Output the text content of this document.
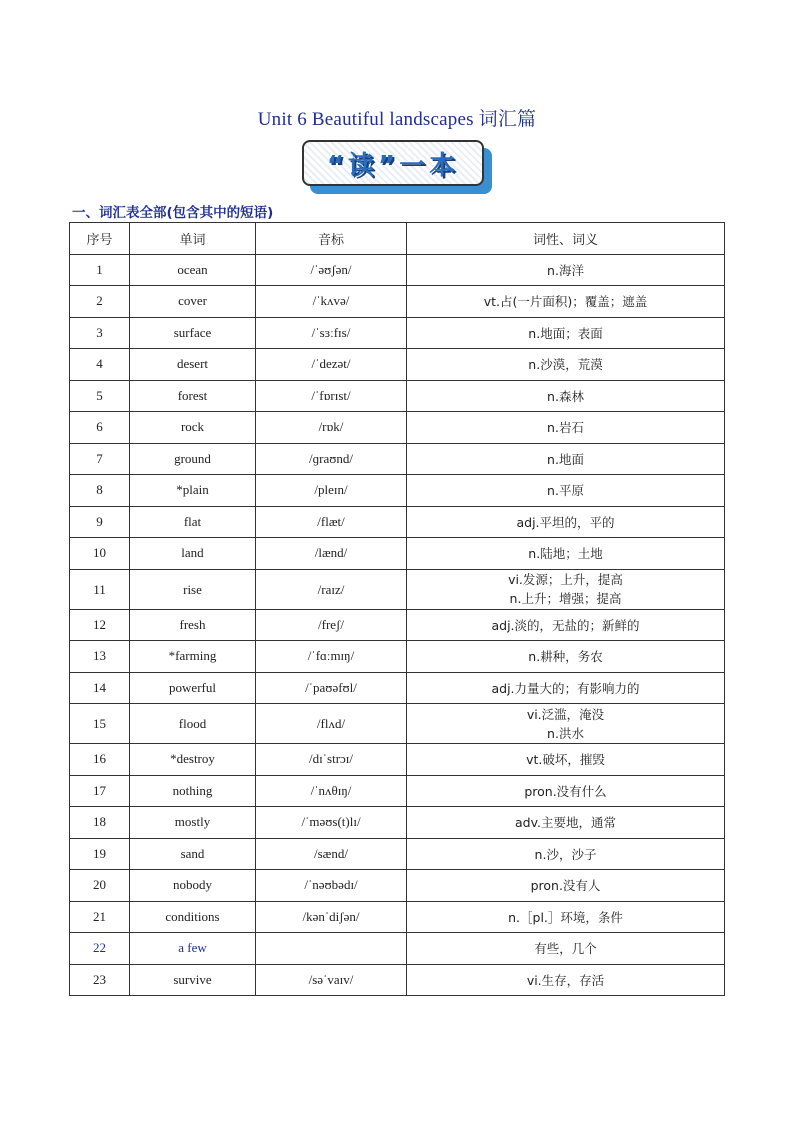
Unit 6 Beautiful landscapes 词汇篇
“读”一本
一、词汇表全部(包含其中的短语)
序号	单词	音标	词性、词义
1	ocean	/ˈəʊʃən/	n.海洋

2	cover	/ˈkʌvə/	vt.占(一片面积)；覆盖；遮盖

3	surface	/ˈsɜːfɪs/	n.地面；表面

4	desert	/ˈdezət/	n.沙漠，荒漠

5	forest	/ˈfɒrɪst/	n.森林

6	rock	/rɒk/	n.岩石

7	ground	/ɡraʊnd/	n.地面

8	*plain	/pleɪn/	n.平原

9	flat	/flæt/	adj.平坦的，平的

10	land	/lænd/	n.陆地；土地

11	rise	/raɪz/	vi.发源；上升，提高
n.上升；增强；提高

12	fresh	/freʃ/	adj.淡的，无盐的；新鲜的

13	*farming	/ˈfɑːmɪŋ/	n.耕种，务农

14	powerful	/ˈpaʊəfʊl/	adj.力量大的；有影响力的

15	flood	/flʌd/	vi.泛滥，淹没
n.洪水

16	*destroy	/dɪˈstrɔɪ/	vt.破坏，摧毁

17	nothing	/ˈnʌθɪŋ/	pron.没有什么

18	mostly	/ˈməʊs(t)lɪ/	adv.主要地，通常

19	sand	/sænd/	n.沙，沙子

20	nobody	/ˈnəʊbədɪ/	pron.没有人

21	conditions	/kənˈdiʃən/	n.［pl.］环境，条件

22	a few		有些，几个

23	survive	/səˈvaɪv/	vi.生存，存活
